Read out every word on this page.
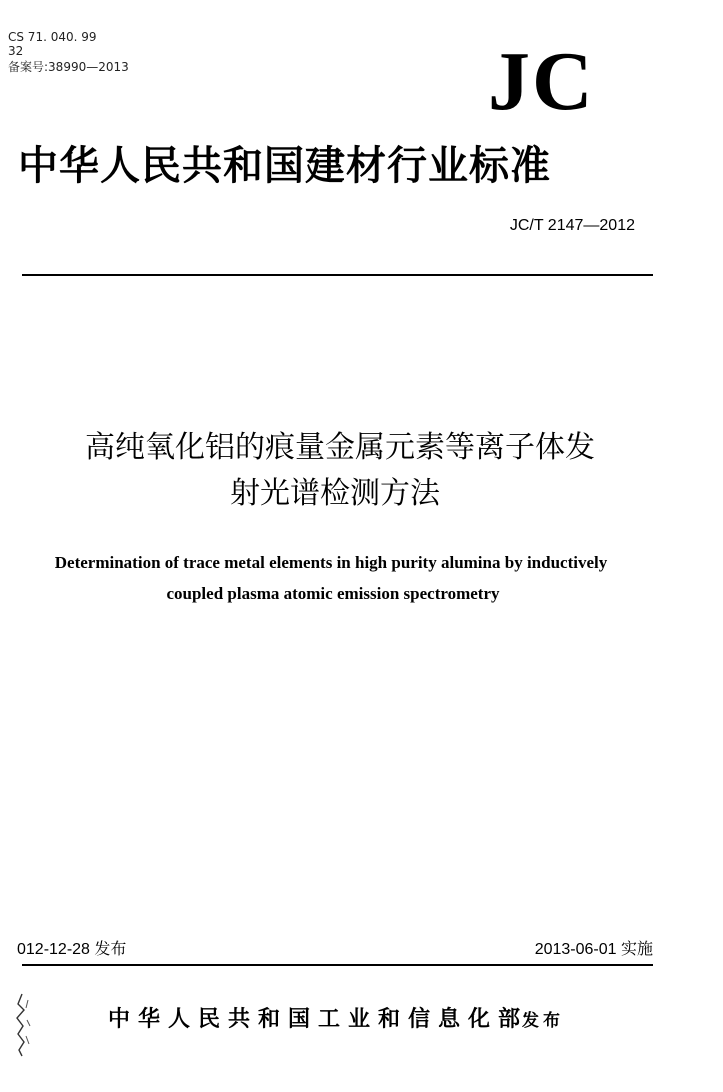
CS 71. 040. 99
32
备案号:38990—2013	JC
中华人民共和国建材行业标准
JC/T 2147—2012
高纯氧化铝的痕量金属元素等离子体发
射光谱检测方法
Determination of trace metal elements in high purity alumina by inductively
coupled plasma atomic emission spectrometry
012-12-28 发布	2013-06-01 实施
中华人民共和国工业和信息化部
发布
